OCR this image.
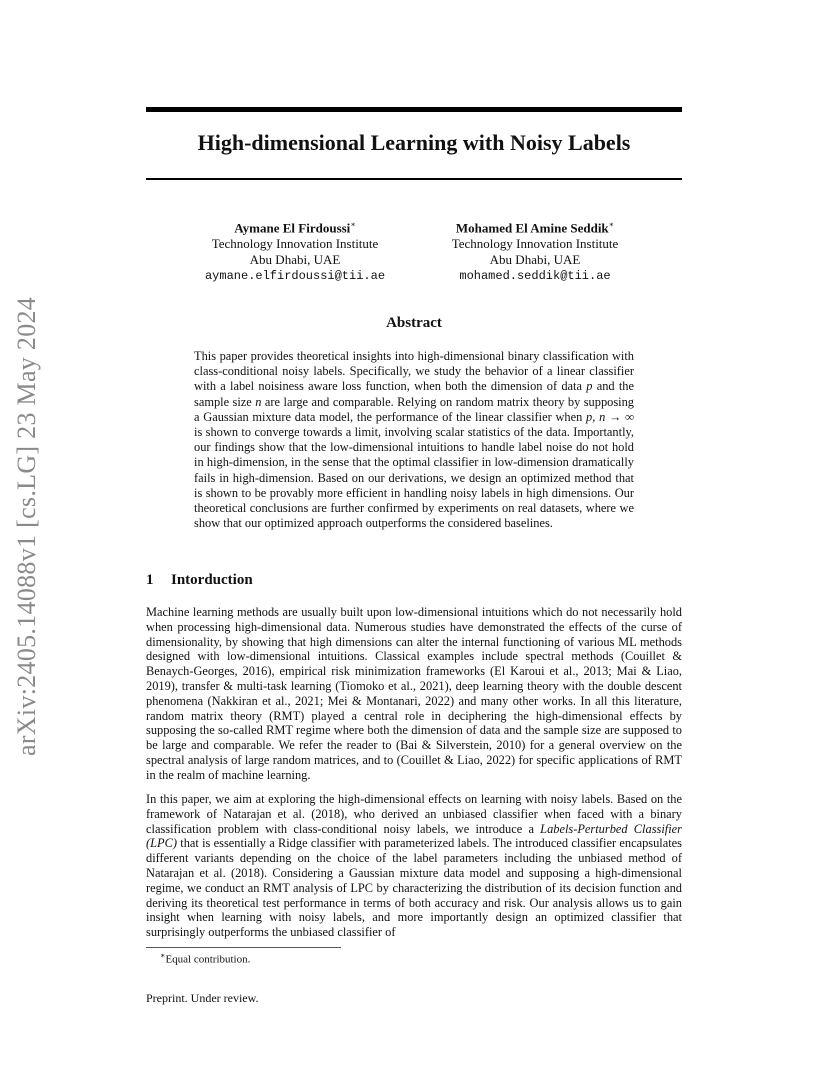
arXiv:2405.14088v1 [cs.LG] 23 May 2024
High-dimensional Learning with Noisy Labels
Aymane El Firdoussi∗
Technology Innovation Institute
Abu Dhabi, UAE
aymane.elfirdoussi@tii.ae
Mohamed El Amine Seddik∗
Technology Innovation Institute
Abu Dhabi, UAE
mohamed.seddik@tii.ae
Abstract
This paper provides theoretical insights into high-dimensional binary classification with class-conditional noisy labels. Specifically, we study the behavior of a linear classifier with a label noisiness aware loss function, when both the dimension of data p and the sample size n are large and comparable. Relying on random matrix theory by supposing a Gaussian mixture data model, the performance of the linear classifier when p, n → ∞ is shown to converge towards a limit, involving scalar statistics of the data. Importantly, our findings show that the low-dimensional intuitions to handle label noise do not hold in high-dimension, in the sense that the optimal classifier in low-dimension dramatically fails in high-dimension. Based on our derivations, we design an optimized method that is shown to be provably more efficient in handling noisy labels in high dimensions. Our theoretical conclusions are further confirmed by experiments on real datasets, where we show that our optimized approach outperforms the considered baselines.
1 Intorduction
Machine learning methods are usually built upon low-dimensional intuitions which do not necessarily hold when processing high-dimensional data. Numerous studies have demonstrated the effects of the curse of dimensionality, by showing that high dimensions can alter the internal functioning of various ML methods designed with low-dimensional intuitions. Classical examples include spectral methods (Couillet & Benaych-Georges, 2016), empirical risk minimization frameworks (El Karoui et al., 2013; Mai & Liao, 2019), transfer & multi-task learning (Tiomoko et al., 2021), deep learning theory with the double descent phenomena (Nakkiran et al., 2021; Mei & Montanari, 2022) and many other works. In all this literature, random matrix theory (RMT) played a central role in deciphering the high-dimensional effects by supposing the so-called RMT regime where both the dimension of data and the sample size are supposed to be large and comparable. We refer the reader to (Bai & Silverstein, 2010) for a general overview on the spectral analysis of large random matrices, and to (Couillet & Liao, 2022) for specific applications of RMT in the realm of machine learning.
In this paper, we aim at exploring the high-dimensional effects on learning with noisy labels. Based on the framework of Natarajan et al. (2018), who derived an unbiased classifier when faced with a binary classification problem with class-conditional noisy labels, we introduce a Labels-Perturbed Classifier (LPC) that is essentially a Ridge classifier with parameterized labels. The introduced classifier encapsulates different variants depending on the choice of the label parameters including the unbiased method of Natarajan et al. (2018). Considering a Gaussian mixture data model and supposing a high-dimensional regime, we conduct an RMT analysis of LPC by characterizing the distribution of its decision function and deriving its theoretical test performance in terms of both accuracy and risk. Our analysis allows us to gain insight when learning with noisy labels, and more importantly design an optimized classifier that surprisingly outperforms the unbiased classifier of
∗Equal contribution.
Preprint. Under review.
